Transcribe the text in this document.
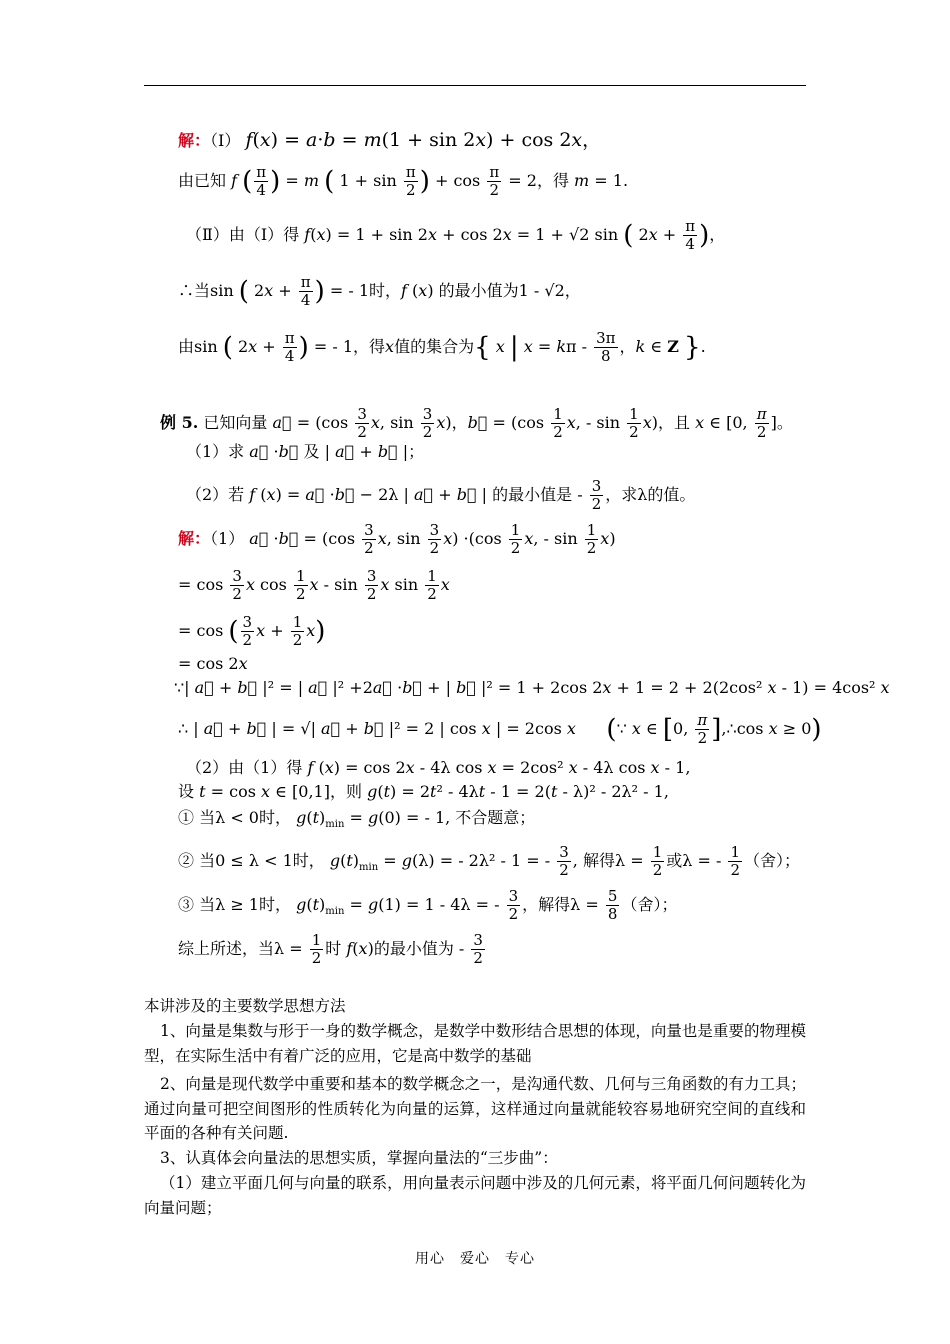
解：（Ⅰ） f(x) = a·b = m(1 + sin 2x) + cos 2x，
由已知 f ( $\frac{\pi}{4}$ ) = m ( $1 + \sin \frac{\pi}{2}$ ) + $\cos \frac{\pi}{2} = 2$，得 m = 1.
（Ⅱ）由（Ⅰ）得 f(x) = 1 + sin 2x + cos 2x = 1 + √2 sin ( $2x + \frac{\pi}{4}$ )，
∴当sin ( $2x + \frac{\pi}{4}$ ) = - 1时，f (x) 的最小值为1 - √2，
由sin ( $2x + \frac{\pi}{4}$ ) = - 1，得x值的集合为{ x | $x = k\pi - \frac{3\pi}{8}$ ，k ∈ Z }.
例 5. 已知向量 a⃗ = ($\cos \frac{3}{2} x$, $\sin \frac{3}{2} x$)，b⃗ = ($\cos \frac{1}{2} x$, - $\sin \frac{1}{2} x$)，且 x ∈ [0, $\frac{\pi}{2}$ ]。
（1）求 a⃗ ·b⃗ 及 | a⃗ + b⃗ |；
（2）若 f (x) = a⃗ ·b⃗ − 2λ | a⃗ + b⃗ | 的最小值是 - $\frac{3}{2}$ ，求λ的值。
解：（1） a⃗ ·b⃗ = ($\cos \frac{3}{2} x$, $\sin \frac{3}{2} x) \cdot(\cos \frac{1}{2} x$, - $\sin \frac{1}{2} x$)
= $\cos \frac{3}{2}$ x $\cos \frac{1}{2}$ x - $\sin \frac{3}{2}$ x $\sin \frac{1}{2}$ x
= cos ( $\frac{3}{2}$ $x + \frac{1}{2} x$)
= cos 2x
∵| a⃗ + b⃗ |² = | a⃗ |² +2a⃗ ·b⃗ + | b⃗ |² = 1 + 2cos 2x + 1 = 2 + 2(2cos² x - 1) = 4cos² x
∴ | a⃗ + b⃗ | = √| a⃗ + b⃗ |² = 2 | cos x | = 2cos x (∵ x ∈ [0, $\frac{\pi}{2}$ ],∴cos x ≥ 0)
（2）由（1）得 f (x) = cos 2x - 4λ cos x = 2cos² x - 4λ cos x - 1,
设 t = cos x ∈ [0,1]，则 g(t) = 2t² - 4λt - 1 = 2(t - λ)² - 2λ² - 1,
① 当λ < 0时， $g(t)_{min} = g(0)$ = - 1, 不合题意；
② 当0 ≤ λ < 1时， $g(t)_{min} = g(\lambda)$ = - 2λ² - 1 = - $\frac{3}{2}$ , 解得$\lambda = \frac{1}{2}$ 或λ = - $\frac{1}{2}$ （舍）；
③ 当λ ≥ 1时， $g(t)_{min} = g(1) = 1 - 4\lambda$ = - $\frac{3}{2}$ ，解得$\lambda = \frac{5}{8}$ （舍）；
综上所述，当$\lambda = \frac{1}{2}$ 时 f(x)的最小值为 - $\frac{3}{2}$
本讲涉及的主要数学思想方法
1、向量是集数与形于一身的数学概念，是数学中数形结合思想的体现，向量也是重要的物理模型，在实际生活中有着广泛的应用，它是高中数学的基础
2、向量是现代数学中重要和基本的数学概念之一，是沟通代数、几何与三角函数的有力工具；通过向量可把空间图形的性质转化为向量的运算，这样通过向量就能较容易地研究空间的直线和平面的各种有关问题.
3、认真体会向量法的思想实质，掌握向量法的“三步曲”：
（1）建立平面几何与向量的联系，用向量表示问题中涉及的几何元素，将平面几何问题转化为向量问题；
用心　爱心　专心
